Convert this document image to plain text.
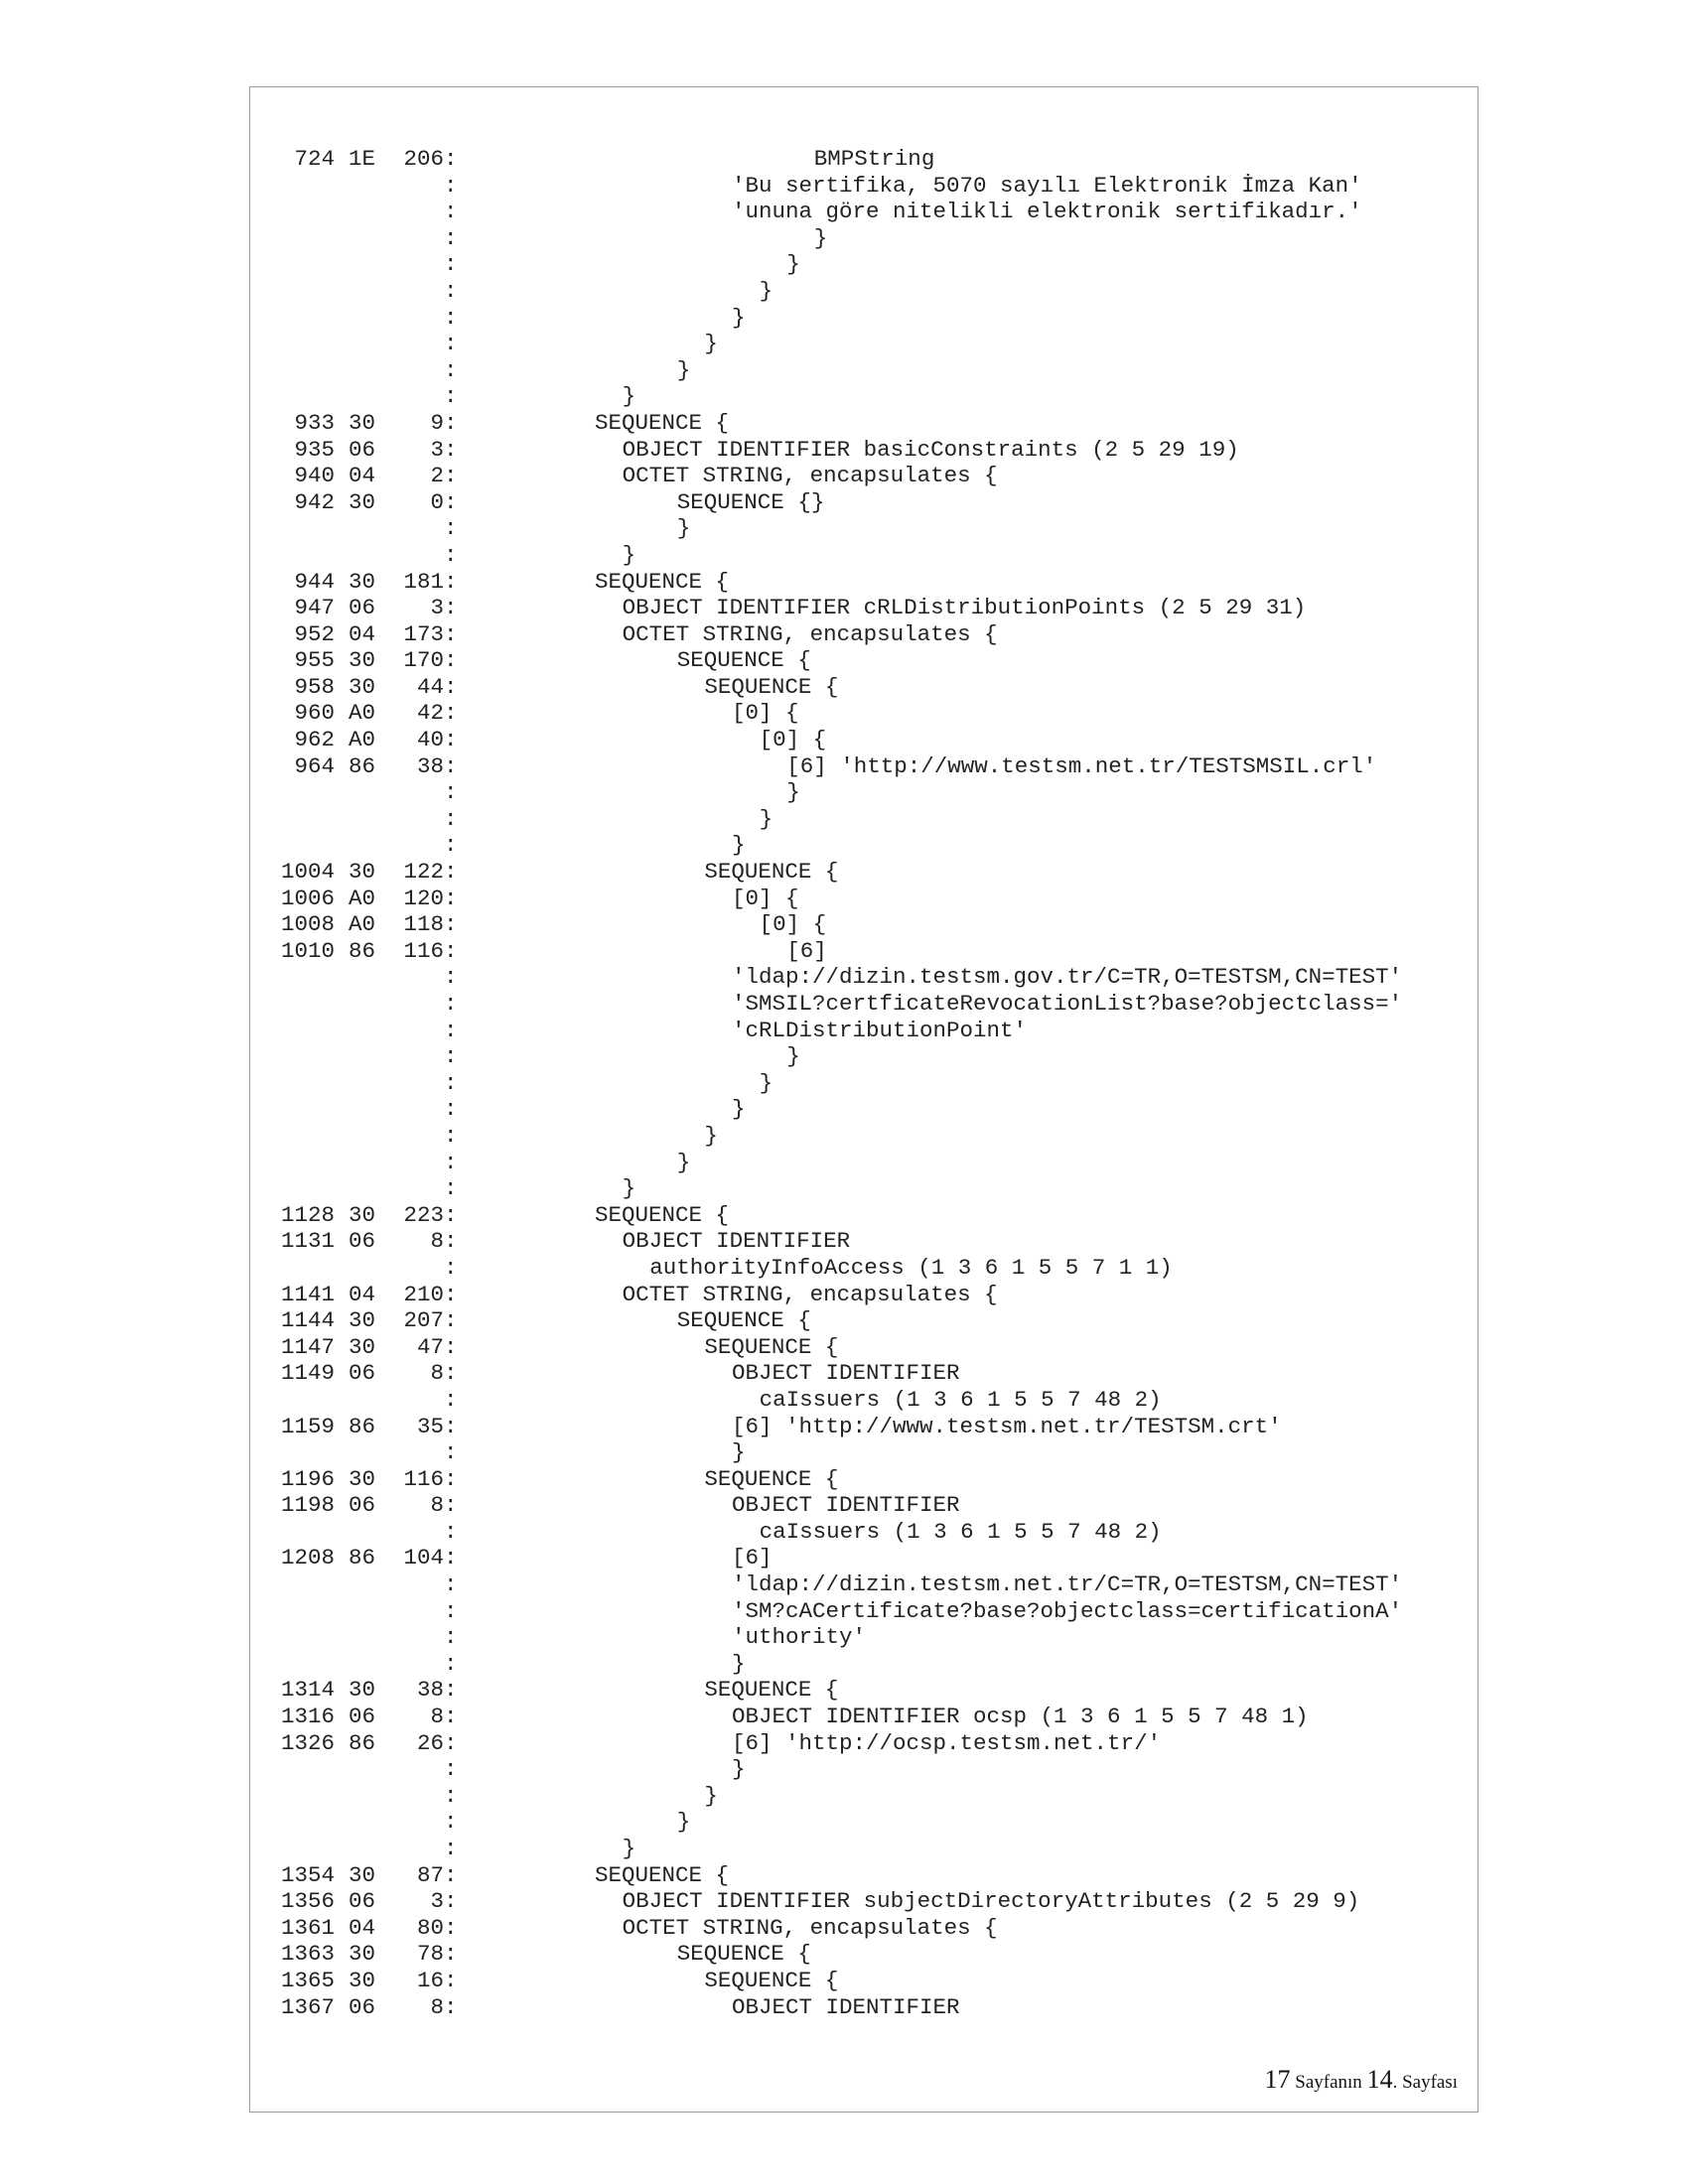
724 1E 206:	BMPString
:	'Bu sertifika, 5070 sayılı Elektronik İmza Kan'
:	'ununa göre nitelikli elektronik sertifikadır.'
:	}
:	}
:	}
:	}
:	}
:	}
:	}
933 30 9:	SEQUENCE {
935 06 3:	OBJECT IDENTIFIER basicConstraints (2 5 29 19)
940 04 2:	OCTET STRING, encapsulates {
942 30 0:	SEQUENCE {}
:	}
:	}
944 30 181:	SEQUENCE {
947 06 3:	OBJECT IDENTIFIER cRLDistributionPoints (2 5 29 31)
952 04 173:	OCTET STRING, encapsulates {
955 30 170:	SEQUENCE {
958 30 44:	SEQUENCE {
960 A0 42:	[0] {
962 A0 40:	[0] {
964 86 38:	[6] 'http://www.testsm.net.tr/TESTSMSIL.crl'
:	}
:	}
:	}
1004 30 122:	SEQUENCE {
1006 A0 120:	[0] {
1008 A0 118:	[0] {
1010 86 116:	[6]
:	'ldap://dizin.testsm.gov.tr/C=TR,O=TESTSM,CN=TEST'
:	'SMSIL?certficateRevocationList?base?objectclass='
:	'cRLDistributionPoint'
:	}
:	}
:	}
:	}
:	}
:	}
1128 30 223:	SEQUENCE {
1131 06 8:	OBJECT IDENTIFIER
:	authorityInfoAccess (1 3 6 1 5 5 7 1 1)
1141 04 210:	OCTET STRING, encapsulates {
1144 30 207:	SEQUENCE {
1147 30 47:	SEQUENCE {
1149 06 8:	OBJECT IDENTIFIER
:	caIssuers (1 3 6 1 5 5 7 48 2)
1159 86 35:	[6] 'http://www.testsm.net.tr/TESTSM.crt'
:	}
1196 30 116:	SEQUENCE {
1198 06 8:	OBJECT IDENTIFIER
:	caIssuers (1 3 6 1 5 5 7 48 2)
1208 86 104:	[6]
:	'ldap://dizin.testsm.net.tr/C=TR,O=TESTSM,CN=TEST'
:	'SM?cACertificate?base?objectclass=certificationA'
:	'uthority'
:	}
1314 30 38:	SEQUENCE {
1316 06 8:	OBJECT IDENTIFIER ocsp (1 3 6 1 5 5 7 48 1)
1326 86 26:	[6] 'http://ocsp.testsm.net.tr/'
:	}
:	}
:	}
:	}
1354 30 87:	SEQUENCE {
1356 06 3:	OBJECT IDENTIFIER subjectDirectoryAttributes (2 5 29 9)
1361 04 80:	OCTET STRING, encapsulates {
1363 30 78:	SEQUENCE {
1365 30 16:	SEQUENCE {
1367 06 8:	OBJECT IDENTIFIER
17 Sayfanın 14. Sayfası
